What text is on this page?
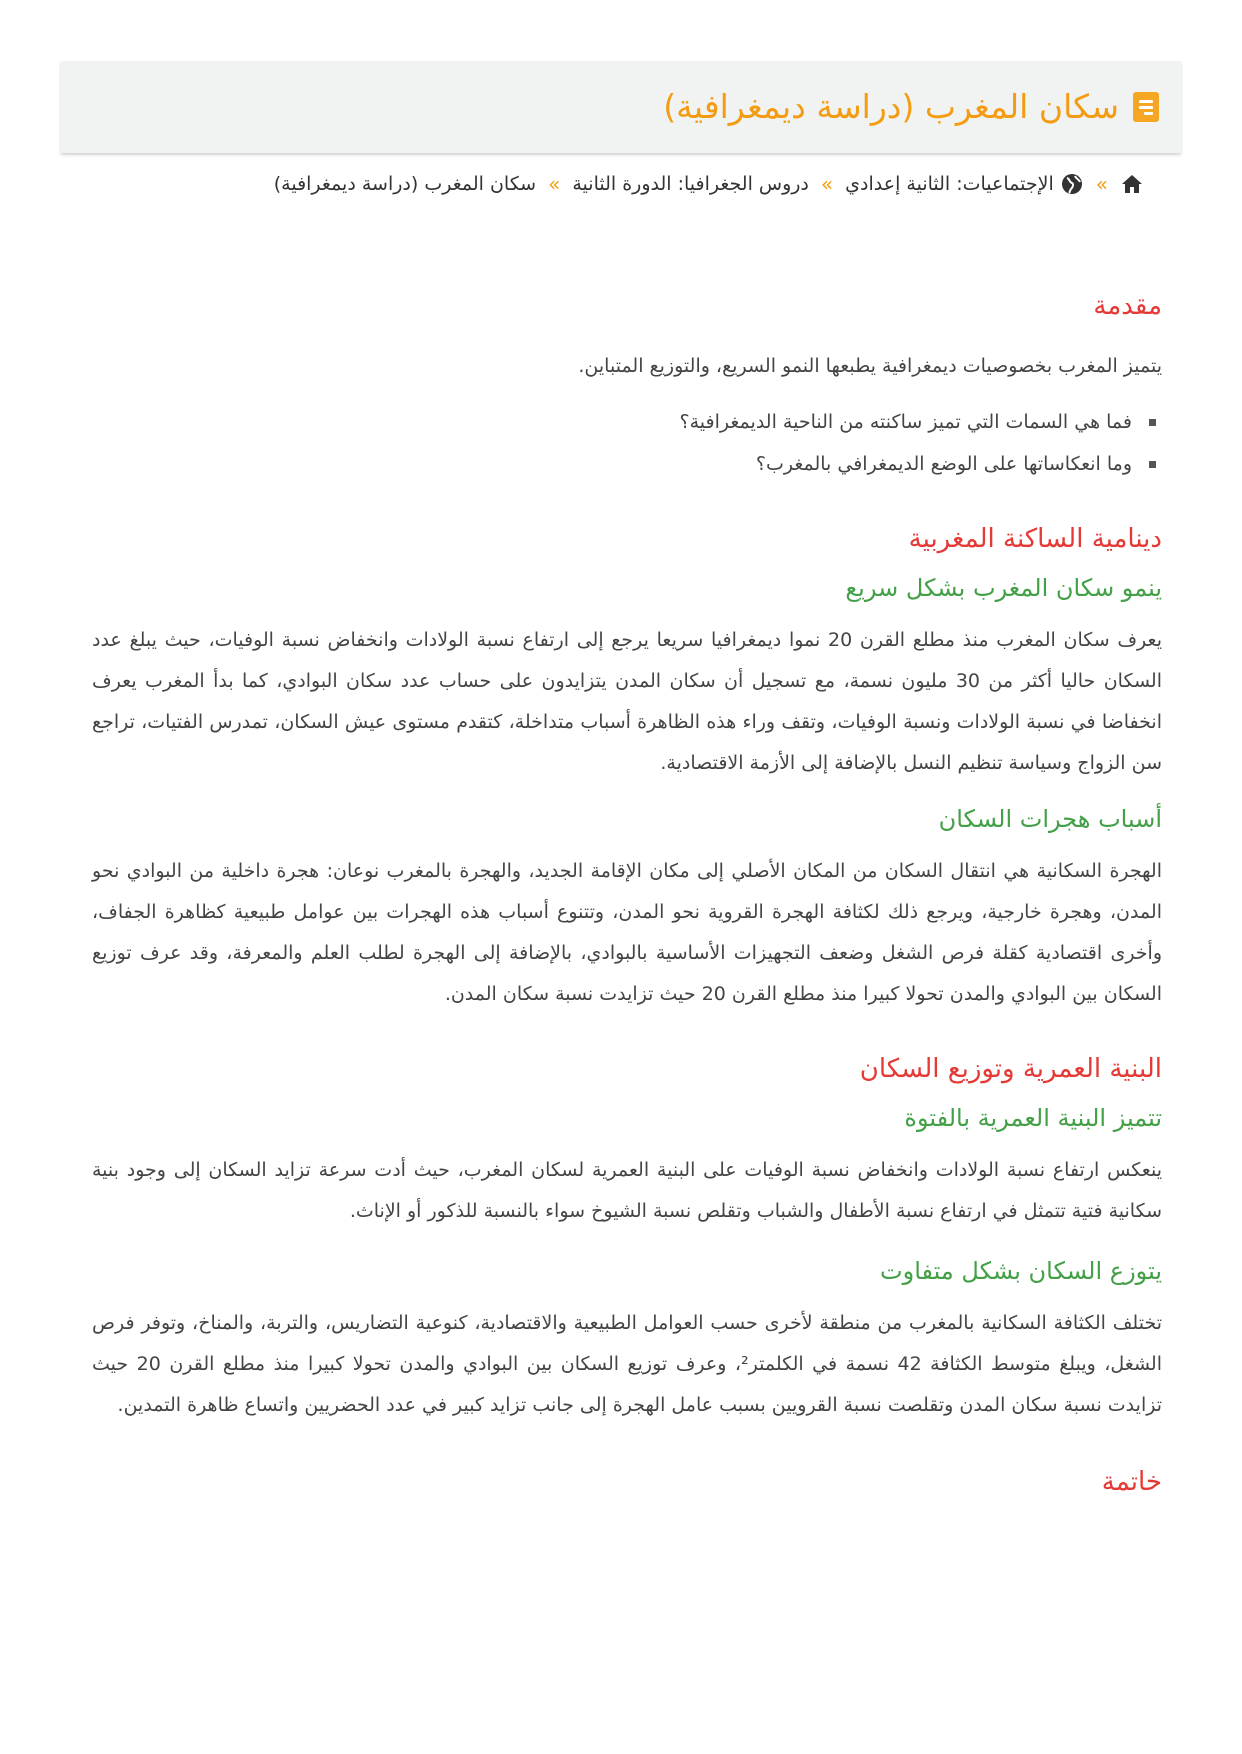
سكان المغرب (دراسة ديمغرافية)
»
الإجتماعيات: الثانية إعدادي
»
دروس الجغرافيا: الدورة الثانية
»
سكان المغرب (دراسة ديمغرافية)
مقدمة

يتميز المغرب بخصوصيات ديمغرافية يطبعها النمو السريع، والتوزيع المتباين.

فما هي السمات التي تميز ساكنته من الناحية الديمغرافية؟
وما انعكاساتها على الوضع الديمغرافي بالمغرب؟
دينامية الساكنة المغربية
ينمو سكان المغرب بشكل سريع

يعرف سكان المغرب منذ مطلع القرن 20 نموا ديمغرافيا سريعا يرجع إلى ارتفاع نسبة الولادات وانخفاض نسبة الوفيات، حيث يبلغ عدد السكان حاليا أكثر من 30 مليون نسمة، مع تسجيل أن سكان المدن يتزايدون على حساب عدد سكان البوادي، كما بدأ المغرب يعرف انخفاضا في نسبة الولادات ونسبة الوفيات، وتقف وراء هذه الظاهرة أسباب متداخلة، كتقدم مستوى عيش السكان، تمدرس الفتيات، تراجع سن الزواج وسياسة تنظيم النسل بالإضافة إلى الأزمة الاقتصادية.

أسباب هجرات السكان

الهجرة السكانية هي انتقال السكان من المكان الأصلي إلى مكان الإقامة الجديد، والهجرة بالمغرب نوعان: هجرة داخلية من البوادي نحو المدن، وهجرة خارجية، ويرجع ذلك لكثافة الهجرة القروية نحو المدن، وتتنوع أسباب هذه الهجرات بين عوامل طبيعية كظاهرة الجفاف، وأخرى اقتصادية كقلة فرص الشغل وضعف التجهيزات الأساسية بالبوادي، بالإضافة إلى الهجرة لطلب العلم والمعرفة، وقد عرف توزيع السكان بين البوادي والمدن تحولا كبيرا منذ مطلع القرن 20 حيث تزايدت نسبة سكان المدن.

البنية العمرية وتوزيع السكان
تتميز البنية العمرية بالفتوة

ينعكس ارتفاع نسبة الولادات وانخفاض نسبة الوفيات على البنية العمرية لسكان المغرب، حيث أدت سرعة تزايد السكان إلى وجود بنية سكانية فتية تتمثل في ارتفاع نسبة الأطفال والشباب وتقلص نسبة الشيوخ سواء بالنسبة للذكور أو الإناث.

يتوزع السكان بشكل متفاوت

تختلف الكثافة السكانية بالمغرب من منطقة لأخرى حسب العوامل الطبيعية والاقتصادية، كنوعية التضاريس، والتربة، والمناخ، وتوفر فرص الشغل، ويبلغ متوسط الكثافة 42 نسمة في الكلمتر²، وعرف توزيع السكان بين البوادي والمدن تحولا كبيرا منذ مطلع القرن 20 حيث تزايدت نسبة سكان المدن وتقلصت نسبة القرويين بسبب عامل الهجرة إلى جانب تزايد كبير في عدد الحضريين واتساع ظاهرة التمدين.

خاتمة
